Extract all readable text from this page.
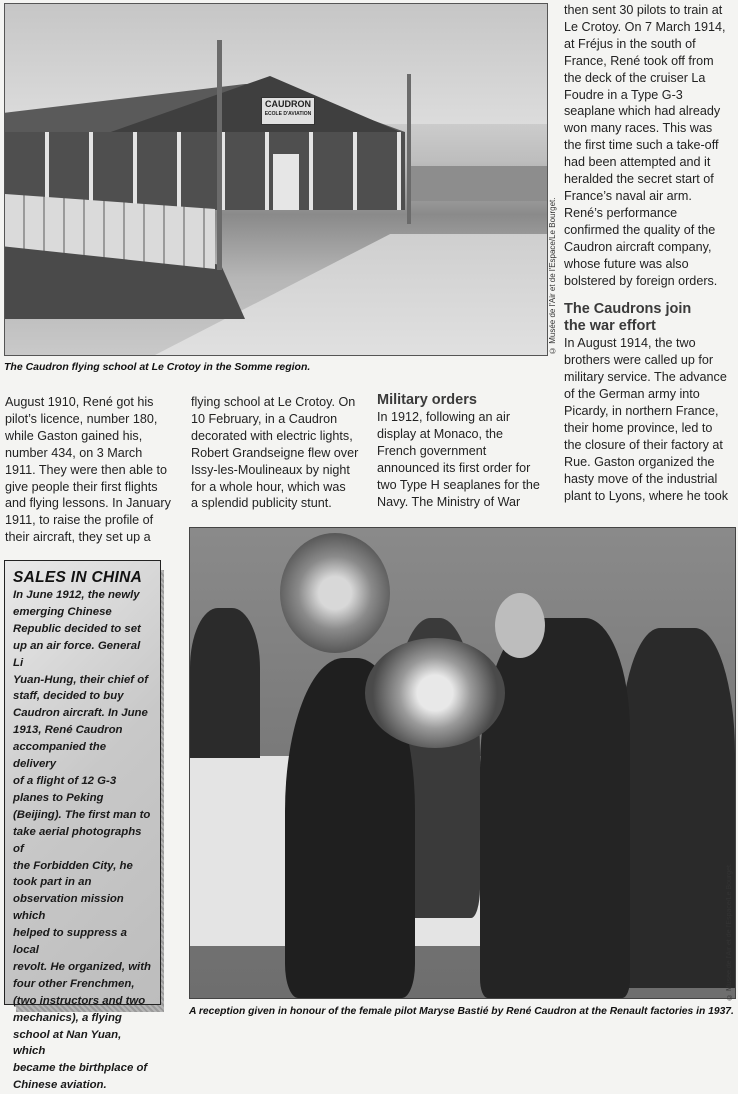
CAUDRON
ECOLE D'AVIATION
© Musée de l'Air et de l'Espace/Le Bourget.
The Caudron flying school at Le Crotoy in the Somme region.
August 1910, René got his
pilot’s licence, number 180,
while Gaston gained his,
number 434, on 3 March
1911. They were then able to
give people their first flights
and flying lessons. In January
1911, to raise the profile of
their aircraft, they set up a
flying school at Le Crotoy. On
10 February, in a Caudron
decorated with electric lights,
Robert Grandseigne flew over
Issy-les-Moulineaux by night
for a whole hour, which was
a splendid publicity stunt.
Military orders
In 1912, following an air
display at Monaco, the
French government
announced its first order for
two Type H seaplanes for the
Navy. The Ministry of War
then sent 30 pilots to train at
Le Crotoy. On 7 March 1914,
at Fréjus in the south of
France, René took off from
the deck of the cruiser La
Foudre in a Type G-3
seaplane which had already
won many races. This was
the first time such a take-off
had been attempted and it
heralded the secret start of
France’s naval air arm.
René’s performance
confirmed the quality of the
Caudron aircraft company,
whose future was also
bolstered by foreign orders.
The Caudrons join
the war effort
In August 1914, the two
brothers were called up for
military service. The advance
of the German army into
Picardy, in northern France,
their home province, led to
the closure of their factory at
Rue. Gaston organized the
hasty move of the industrial
plant to Lyons, where he took
SALES IN CHINA
In June 1912, the newly
emerging Chinese
Republic decided to set
up an air force. General Li
Yuan-Hung, their chief of
staff, decided to buy
Caudron aircraft. In June
1913, René Caudron
accompanied the delivery
of a flight of 12 G-3
planes to Peking
(Beijing). The first man to
take aerial photographs of
the Forbidden City, he
took part in an
observation mission which
helped to suppress a local
revolt. He organized, with
four other Frenchmen,
(two instructors and two
mechanics), a flying
school at Nan Yuan, which
became the birthplace of
Chinese aviation.
© Musée de l'Air et de l'Espace/Le Bourget.
A reception given in honour of the female pilot Maryse Bastié by René Caudron at the Renault factories in 1937.
